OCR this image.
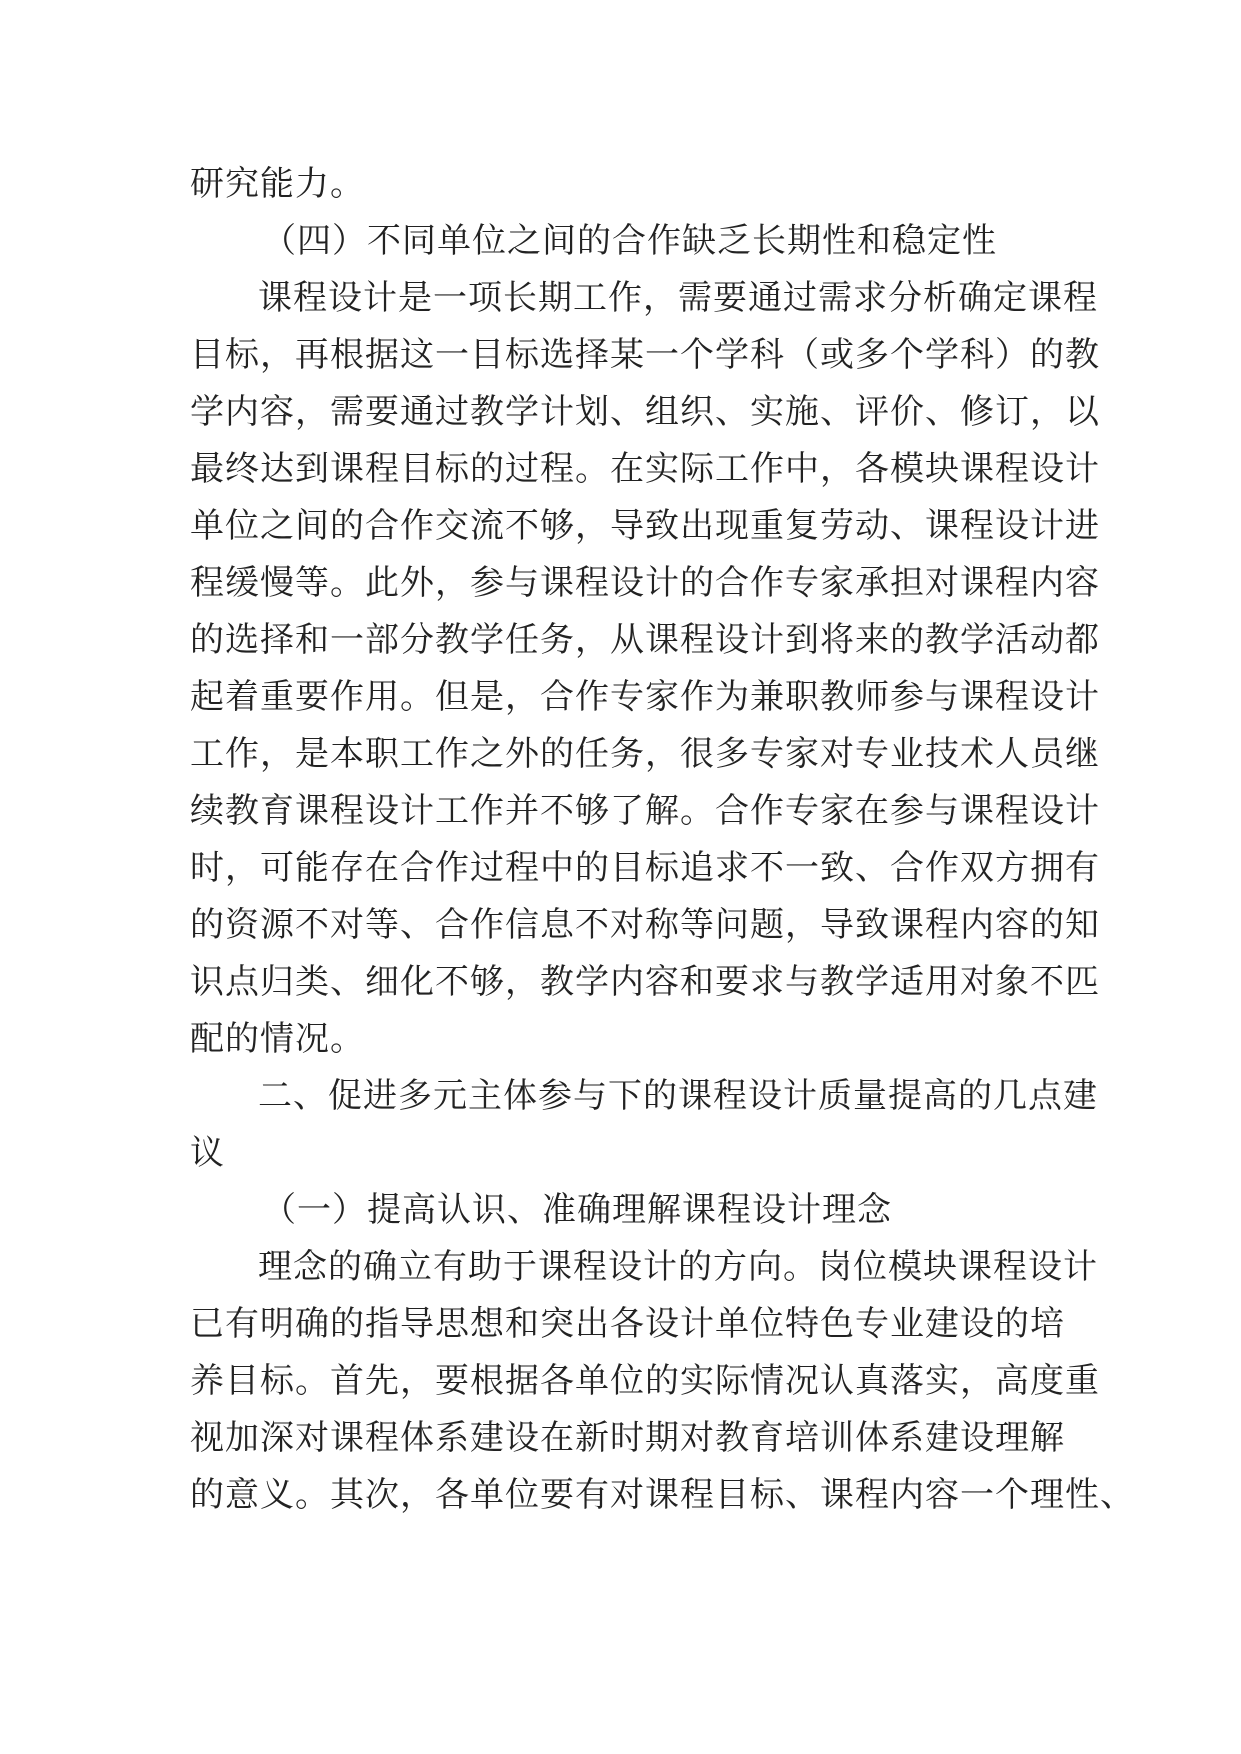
研究能力。
（四）不同单位之间的合作缺乏长期性和稳定性
课程设计是一项长期工作，需要通过需求分析确定课程
目标，再根据这一目标选择某一个学科（或多个学科）的教
学内容，需要通过教学计划、组织、实施、评价、修订，以
最终达到课程目标的过程。在实际工作中，各模块课程设计
单位之间的合作交流不够，导致出现重复劳动、课程设计进
程缓慢等。此外，参与课程设计的合作专家承担对课程内容
的选择和一部分教学任务，从课程设计到将来的教学活动都
起着重要作用。但是，合作专家作为兼职教师参与课程设计
工作，是本职工作之外的任务，很多专家对专业技术人员继
续教育课程设计工作并不够了解。合作专家在参与课程设计
时，可能存在合作过程中的目标追求不一致、合作双方拥有
的资源不对等、合作信息不对称等问题，导致课程内容的知
识点归类、细化不够，教学内容和要求与教学适用对象不匹
配的情况。
二、促进多元主体参与下的课程设计质量提高的几点建
议
（一）提高认识、准确理解课程设计理念
理念的确立有助于课程设计的方向。岗位模块课程设计
已有明确的指导思想和突出各设计单位特色专业建设的培
养目标。首先，要根据各单位的实际情况认真落实，高度重
视加深对课程体系建设在新时期对教育培训体系建设理解
的意义。其次，各单位要有对课程目标、课程内容一个理性、
